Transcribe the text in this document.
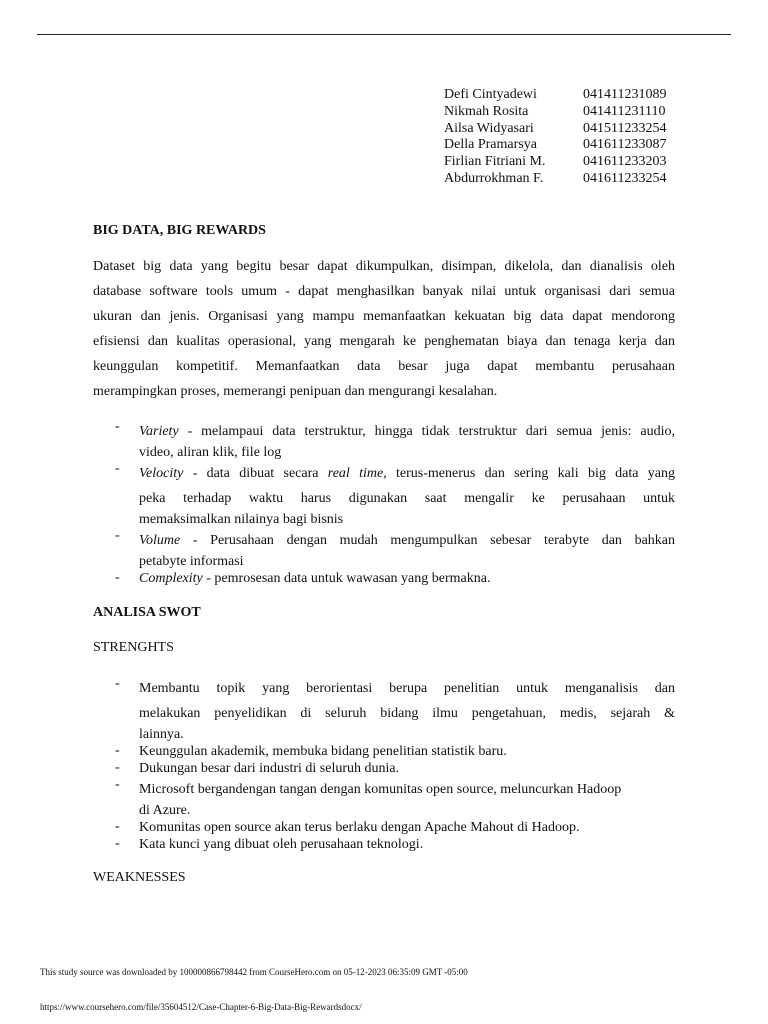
Defi Cintyadewi	041411231089
Nikmah Rosita	041411231110
Ailsa Widyasari	041511233254
Della Pramarsya	041611233087
Firlian Fitriani M.	041611233203
Abdurrokhman F.	041611233254
BIG DATA, BIG REWARDS
Dataset big data yang begitu besar dapat dikumpulkan, disimpan, dikelola, dan dianalisis oleh
database software tools umum - dapat menghasilkan banyak nilai untuk organisasi dari semua
ukuran dan jenis. Organisasi yang mampu memanfaatkan kekuatan big data dapat mendorong
efisiensi dan kualitas operasional, yang mengarah ke penghematan biaya dan tenaga kerja dan
keunggulan kompetitif. Memanfaatkan data besar juga dapat membantu perusahaan
merampingkan proses, memerangi penipuan dan mengurangi kesalahan.
- Variety - melampaui data terstruktur, hingga tidak terstruktur dari semua jenis: audio,
video, aliran klik, file log
- Velocity - data dibuat secara real time, terus-menerus dan sering kali big data yang
peka terhadap waktu harus digunakan saat mengalir ke perusahaan untuk
memaksimalkan nilainya bagi bisnis
- Volume - Perusahaan dengan mudah mengumpulkan sebesar terabyte dan bahkan
petabyte informasi
- Complexity - pemrosesan data untuk wawasan yang bermakna.
ANALISA SWOT
STRENGHTS
- Membantu topik yang berorientasi berupa penelitian untuk menganalisis dan
melakukan penyelidikan di seluruh bidang ilmu pengetahuan, medis, sejarah &
lainnya.
- Keunggulan akademik, membuka bidang penelitian statistik baru.
- Dukungan besar dari industri di seluruh dunia.
- Microsoft bergandengan tangan dengan komunitas open source, meluncurkan Hadoop
di Azure.
- Komunitas open source akan terus berlaku dengan Apache Mahout di Hadoop.
- Kata kunci yang dibuat oleh perusahaan teknologi.
WEAKNESSES
This study source was downloaded by 100000866798442 from CourseHero.com on 05-12-2023 06:35:09 GMT -05:00
https://www.coursehero.com/file/35604512/Case-Chapter-6-Big-Data-Big-Rewardsdocx/
